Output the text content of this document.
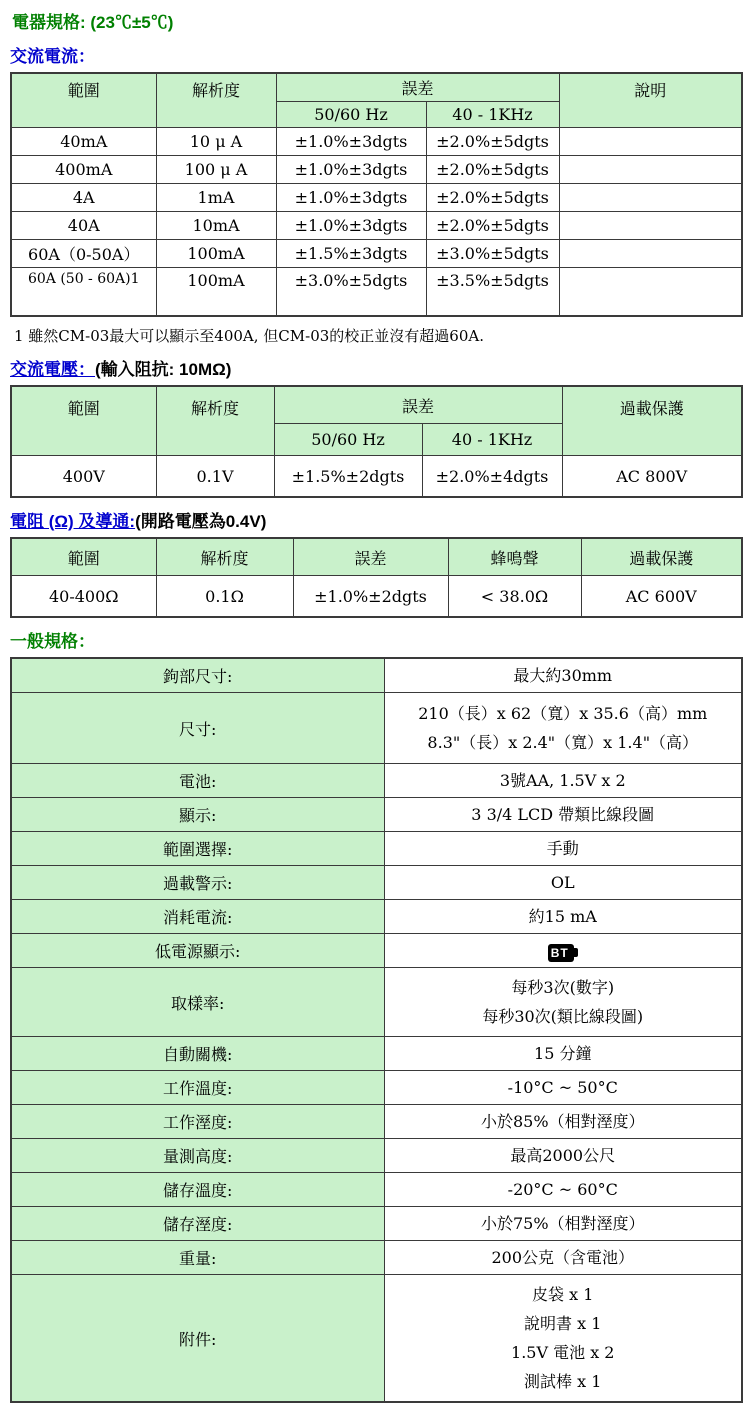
電器規格: (23℃±5℃)
交流電流：
範圍	解析度	誤差		說明
		50/60 Hz	40 - 1KHz	
40mA	10 μ A	±1.0%±3dgts	±2.0%±5dgts	
400mA	100 μ A	±1.0%±3dgts	±2.0%±5dgts	
4A	1mA	±1.0%±3dgts	±2.0%±5dgts	
40A	10mA	±1.0%±3dgts	±2.0%±5dgts	
60A（0-50A）	100mA	±1.5%±3dgts	±3.0%±5dgts	
60A (50 - 60A)1	100mA	±3.0%±5dgts	±3.5%±5dgts	
1 雖然CM-03最大可以顯示至400A, 但CM-03的校正並沒有超過60A.
交流電壓：(輸入阻抗: 10MΩ)
範圍	解析度	誤差		過載保護
		50/60 Hz	40 - 1KHz	
400V	0.1V	±1.5%±2dgts	±2.0%±4dgts	AC 800V
電阻 (Ω) 及導通:(開路電壓為0.4V)
範圍	解析度	誤差	蜂鳴聲	過載保護
40-400Ω	0.1Ω	±1.0%±2dgts	< 38.0Ω	AC 600V
一般規格：
鉤部尺寸:	最大約30mm

尺寸:	210（長）x 62（寬）x 35.6（高）mm
8.3"（長）x 2.4"（寬）x 1.4"（高）

電池:	3號AA, 1.5V x 2

顯示:	3 3/4 LCD 帶類比線段圖

範圍選擇:	手動

過載警示:	OL

消耗電流:	約15 mA

低電源顯示:	BT

取樣率:	每秒3次(數字)
每秒30次(類比線段圖)

自動關機:	15 分鐘

工作溫度:	-10°C ~ 50°C

工作溼度:	小於85%（相對溼度）

量測高度:	最高2000公尺

儲存溫度:	-20°C ~ 60°C

儲存溼度:	小於75%（相對溼度）

重量:	200公克（含電池）

附件:	皮袋 x 1
說明書 x 1
1.5V 電池 x 2
測試棒 x 1
